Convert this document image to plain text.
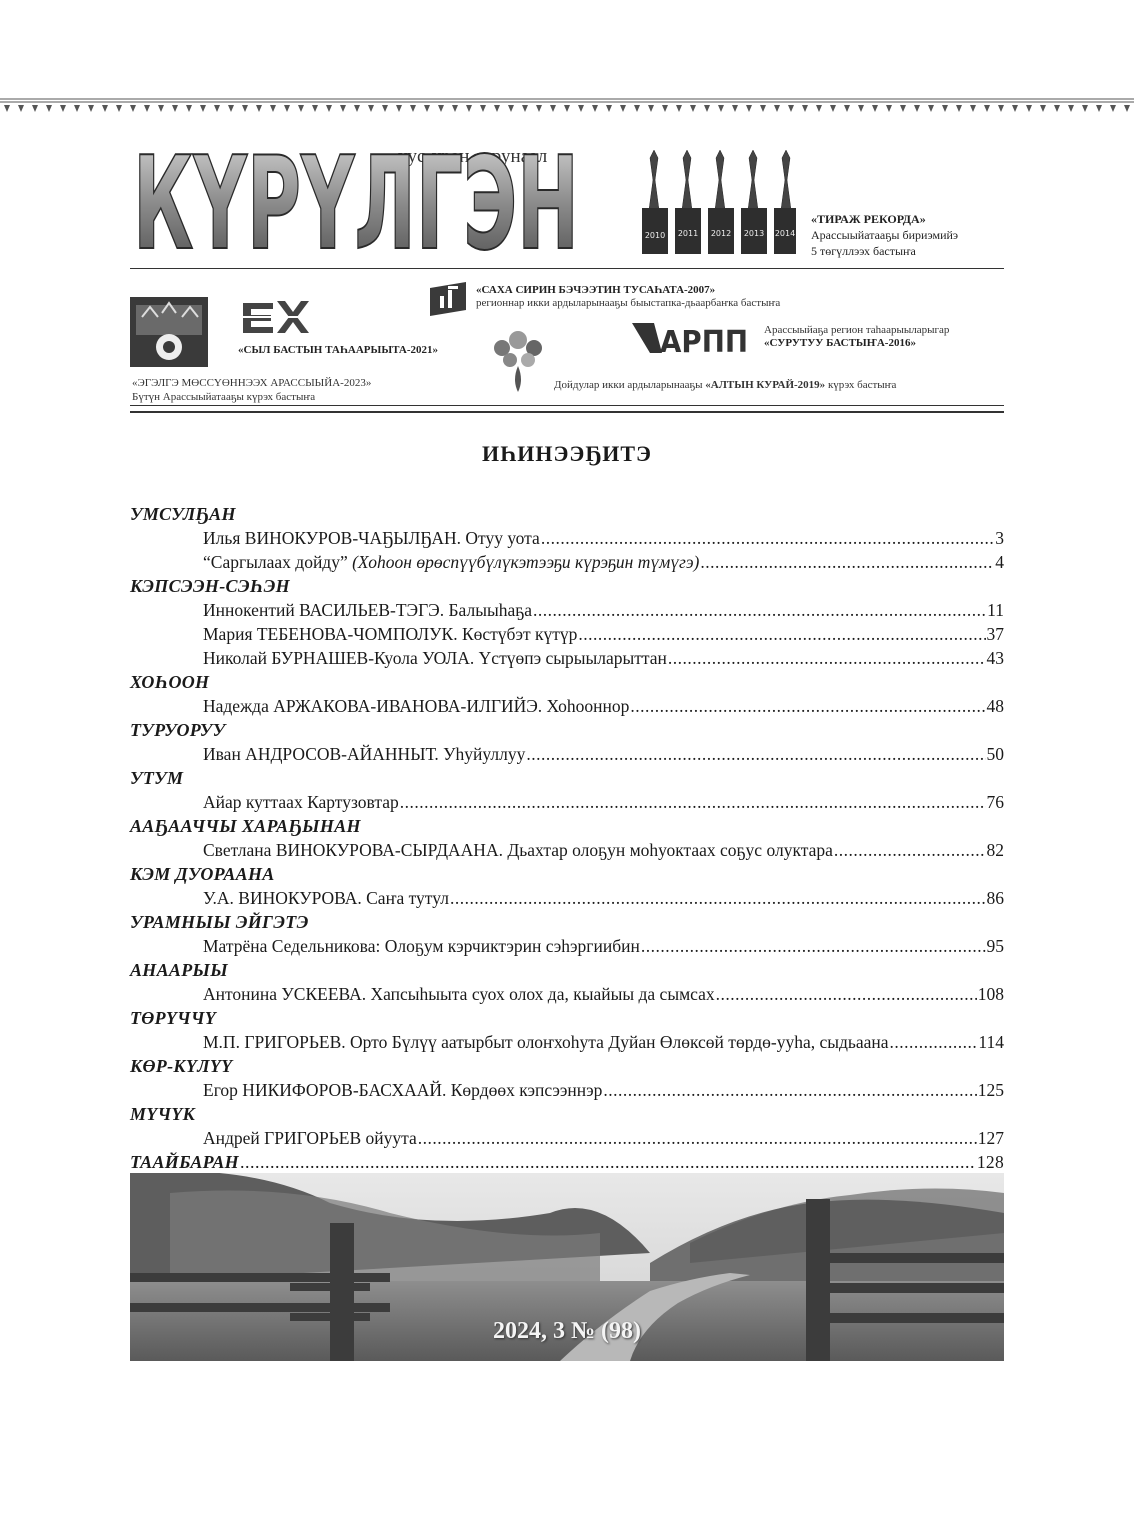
уус-уран сурунаал
КҮРҮЛГЭН	2010 2011 2012 2013 2014
«ТИРАЖ РЕКОРДА»
Арассыыйатааҕы бириэмийэ
5 төгүллээх бастыҥа
«СЫЛ БАСТЫН ТАҺААРЫЫТА-2021»
«САХА СИРИН БЭЧЭЭТИН ТУСАҺАТА-2007»
регионнар икки ардыларынааҕы быыстапка-дьаарбаҥка бастыҥа
АРПП Арассыыйаҕа регион таһаарыыларыгар
«СУРУТУУ БАСТЫҤА-2016»
«ЭГЭЛГЭ МӨССҮӨННЭЭХ АРАССЫЫЙА-2023»
Бүтүн Арассыыйатааҕы күрэх бастыҥа
Дойдулар икки ардыларынааҕы «АЛТЫН КУРАЙ-2019» күрэх бастыҥа
ИҺИНЭЭҔИТЭ
УМСУЛҔАН
Илья ВИНОКУРОВ-ЧАҔЫЛҔАН. Отуу уота .....	3
“Саргылаах дойду” (Хоһоон өрөспүүбүлүкэтээҕи күрэҕин түмүгэ) .....	4
КЭПСЭЭН-СЭҺЭН
Иннокентий ВАСИЛЬЕВ-ТЭГЭ. Балыыһаҕа .....	11
Мария ТЕБЕНОВА-ЧОМПОЛУК. Көстүбэт күтүр .....	37
Николай БУРНАШЕВ-Куола УОЛА. Үстүөпэ сырыыларыттан .....	43
ХОҺООН
Надежда АРЖАКОВА-ИВАНОВА-ИЛГИЙЭ. Хоһооннор .....	48
ТУРУОРУУ
Иван АНДРОСОВ-АЙАННЫТ. Уһуйуллуу .....	50
УТУМ
Айар куттаах Картузовтар .....	76
ААҔААЧЧЫ ХАРАҔЫНАН
Светлана ВИНОКУРОВА-СЫРДААНА. Дьахтар олоҕун моһуоктаах соҕус олуктара .....	82
КЭМ ДУОРААНА
У.А. ВИНОКУРОВА. Саҥа тутул .....	86
УРАМНЫЫ ЭЙГЭТЭ
Матрёна Седельникова: Олоҕум кэрчиктэрин сэһэргиибин .....	95
АНААРЫЫ
Антонина УСКЕЕВА. Хапсыһыыта суох олох да, кыайыы да сымсах .....	108
ТӨРҮЧЧҮ
М.П. ГРИГОРЬЕВ. Орто Бүлүү аатырбыт олоҥхоһута Дуйан Өлөксөй төрдө-ууһа, сыдьаана .....	114
КӨР-КҮЛҮҮ
Егор НИКИФОРОВ-БАСХААЙ. Көрдөөх кэпсээннэр .....	125
МҮЧҮК
Андрей ГРИГОРЬЕВ ойуута .....	127
ТААЙБАРАН .....	128
2024, 3 № (98)
